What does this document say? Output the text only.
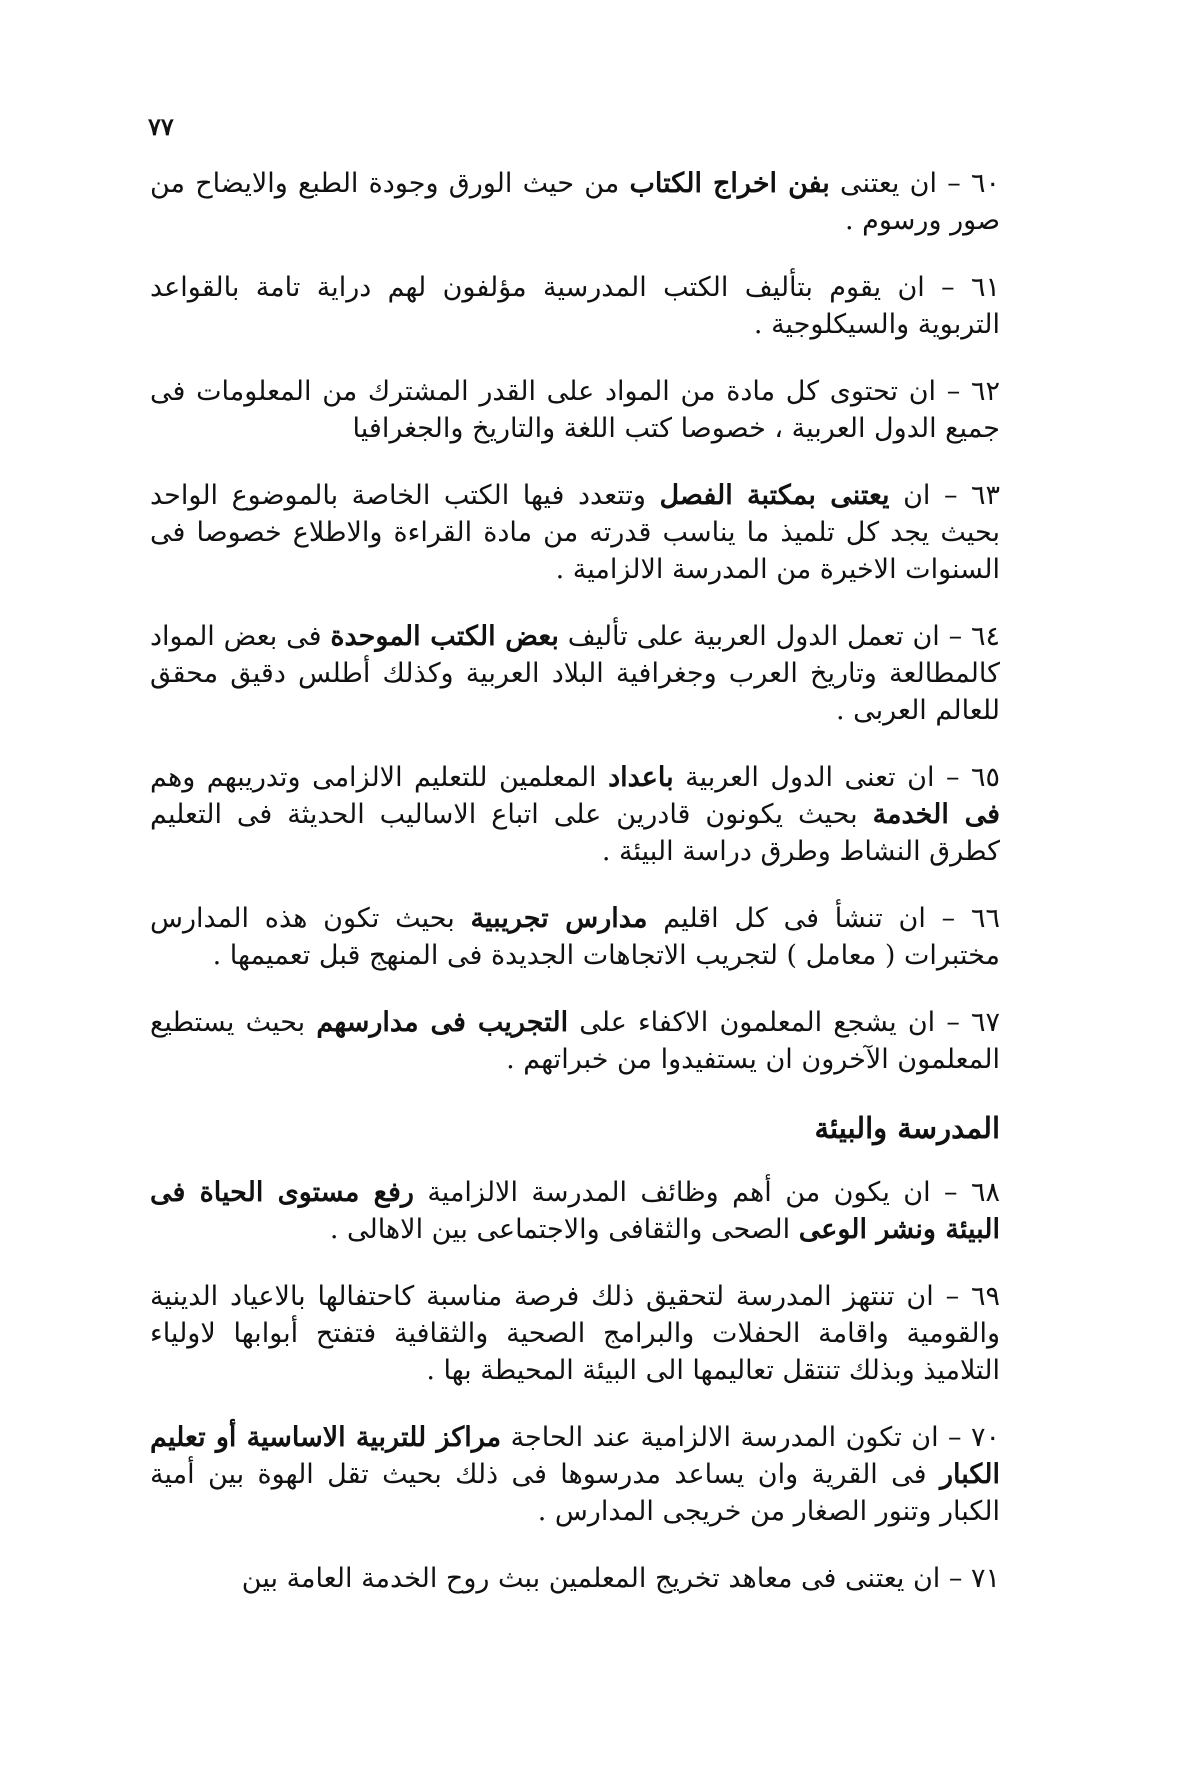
٧٧

٦٠ – ان يعتنى بفن اخراج الكتاب من حيث الورق وجودة الطبع والايضاح من صور ورسوم .

٦١ – ان يقوم بتأليف الكتب المدرسية مؤلفون لهم دراية تامة بالقواعد التربوية والسيكلوجية .

٦٢ – ان تحتوى كل مادة من المواد على القدر المشترك من المعلومات فى جميع الدول العربية ، خصوصا كتب اللغة والتاريخ والجغرافيا

٦٣ – ان يعتنى بمكتبة الفصل وتتعدد فيها الكتب الخاصة بالموضوع الواحد بحيث يجد كل تلميذ ما يناسب قدرته من مادة القراءة والاطلاع خصوصا فى السنوات الاخيرة من المدرسة الالزامية .

٦٤ – ان تعمل الدول العربية على تأليف بعض الكتب الموحدة فى بعض المواد كالمطالعة وتاريخ العرب وجغرافية البلاد العربية وكذلك أطلس دقيق محقق للعالم العربى .

٦٥ – ان تعنى الدول العربية باعداد المعلمين للتعليم الالزامى وتدريبهم وهم فى الخدمة بحيث يكونون قادرين على اتباع الاساليب الحديثة فى التعليم كطرق النشاط وطرق دراسة البيئة .

٦٦ – ان تنشأ فى كل اقليم مدارس تجريبية بحيث تكون هذه المدارس مختبرات ( معامل ) لتجريب الاتجاهات الجديدة فى المنهج قبل تعميمها .

٦٧ – ان يشجع المعلمون الاكفاء على التجريب فى مدارسهم بحيث يستطيع المعلمون الآخرون ان يستفيدوا من خبراتهم .

المدرسة والبيئة

٦٨ – ان يكون من أهم وظائف المدرسة الالزامية رفع مستوى الحياة فى البيئة ونشر الوعى الصحى والثقافى والاجتماعى بين الاهالى .

٦٩ – ان تنتهز المدرسة لتحقيق ذلك فرصة مناسبة كاحتفالها بالاعياد الدينية والقومية واقامة الحفلات والبرامج الصحية والثقافية فتفتح أبوابها لاولياء التلاميذ وبذلك تنتقل تعاليمها الى البيئة المحيطة بها .

٧٠ – ان تكون المدرسة الالزامية عند الحاجة مراكز للتربية الاساسية أو تعليم الكبار فى القرية وان يساعد مدرسوها فى ذلك بحيث تقل الهوة بين أمية الكبار وتنور الصغار من خريجى المدارس .

٧١ – ان يعتنى فى معاهد تخريج المعلمين ببث روح الخدمة العامة بين
